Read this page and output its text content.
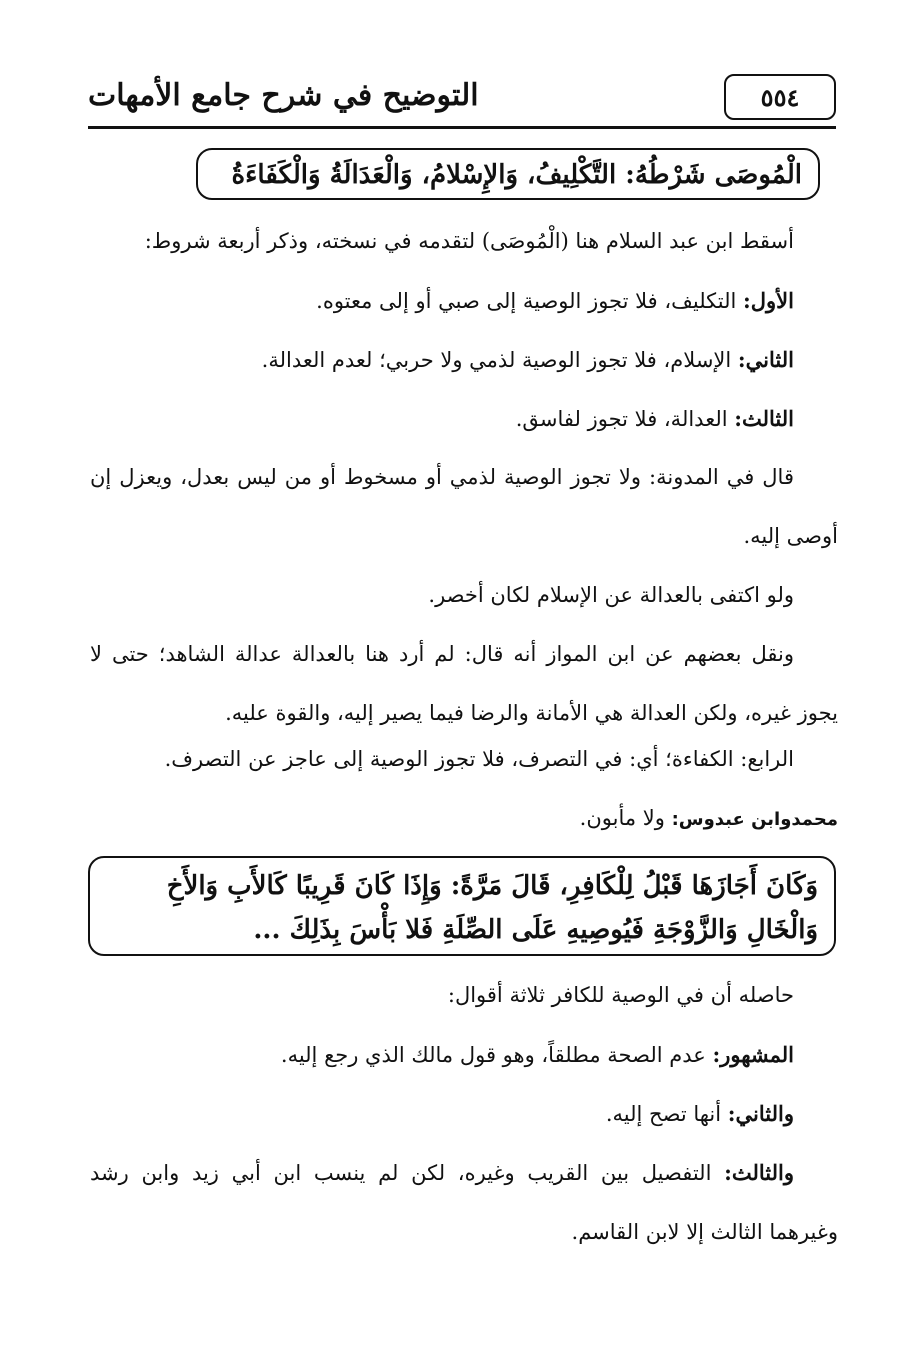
٥٥٤
التوضيح في شرح جامع الأمهات
الْمُوصَى شَرْطُهُ: التَّكْلِيفُ، وَالإِسْلامُ، وَالْعَدَالَةُ وَالْكَفَاءَةُ
أسقط ابن عبد السلام هنا (الْمُوصَى) لتقدمه في نسخته، وذكر أربعة شروط:
الأول: التكليف، فلا تجوز الوصية إلى صبي أو إلى معتوه.
الثاني: الإسلام، فلا تجوز الوصية لذمي ولا حربي؛ لعدم العدالة.
الثالث: العدالة، فلا تجوز لفاسق.
قال في المدونة: ولا تجوز الوصية لذمي أو مسخوط أو من ليس بعدل، ويعزل إن أوصى إليه.
ولو اكتفى بالعدالة عن الإسلام لكان أخصر.
ونقل بعضهم عن ابن المواز أنه قال: لم أرد هنا بالعدالة عدالة الشاهد؛ حتى لا يجوز غيره، ولكن العدالة هي الأمانة والرضا فيما يصير إليه، والقوة عليه.
الرابع: الكفاءة؛ أي: في التصرف، فلا تجوز الوصية إلى عاجز عن التصرف.
محمدوابن عبدوس: ولا مأبون.
وَكَانَ أَجَازَهَا قَبْلُ لِلْكَافِرِ، قَالَ مَرَّةً: وَإِذَا كَانَ قَرِيبًا كَالأَبِ وَالأَخِ وَالْخَالِ وَالزَّوْجَةِ فَيُوصِيهِ عَلَى الصِّلَةِ فَلا بَأْسَ بِذَلِكَ ...
حاصله أن في الوصية للكافر ثلاثة أقوال:
المشهور: عدم الصحة مطلقاً، وهو قول مالك الذي رجع إليه.
والثاني: أنها تصح إليه.
والثالث: التفصيل بين القريب وغيره، لكن لم ينسب ابن أبي زيد وابن رشد وغيرهما الثالث إلا لابن القاسم.
